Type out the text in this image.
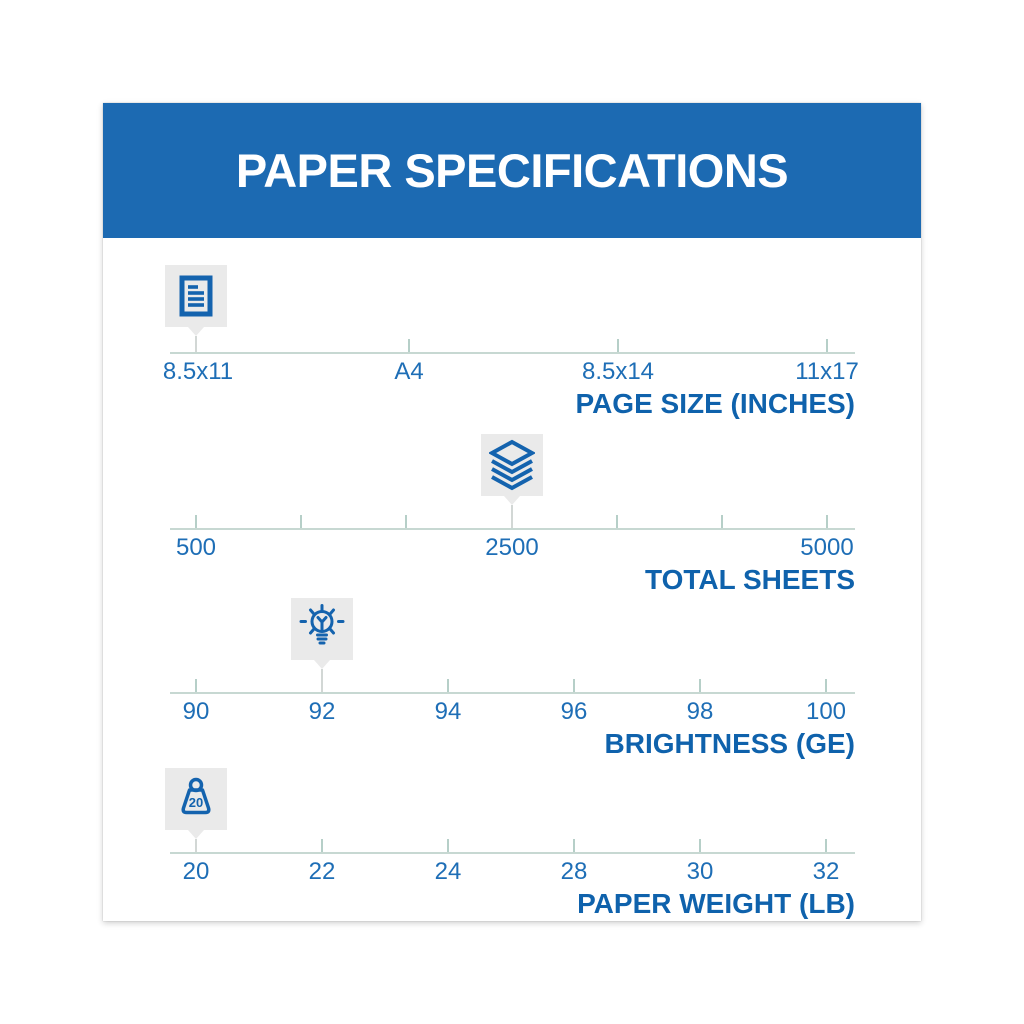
PAPER SPECIFICATIONS
8.5x11	A4	8.5x14	11x17
PAGE SIZE (INCHES)
500	2500	5000
TOTAL SHEETS
90	92	94	96	98	100
BRIGHTNESS (GE)
20
20	22	24	28	30	32
PAPER WEIGHT (LB)
